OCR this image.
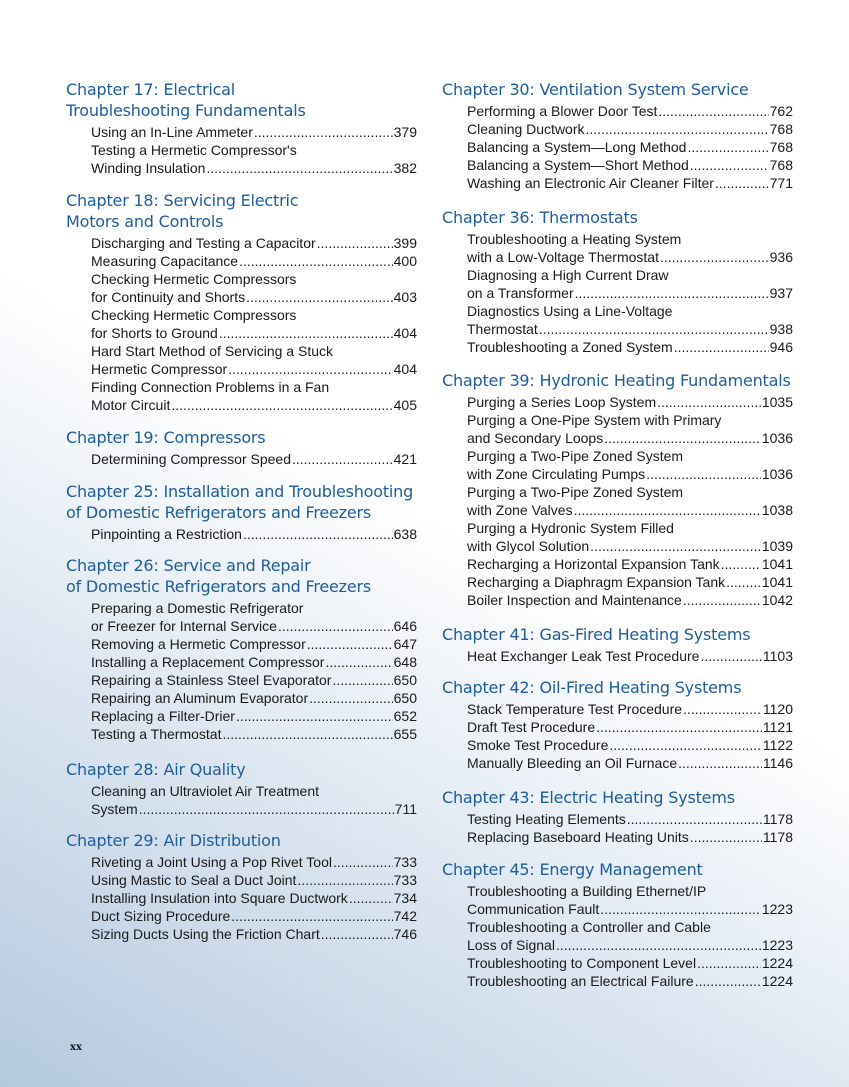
Chapter 17: Electrical
Troubleshooting Fundamentals
Using an In-Line Ammeter .....	379
Testing a Hermetic Compressor's
Winding Insulation .....	382
Chapter 18: Servicing Electric
Motors and Controls
Discharging and Testing a Capacitor .....	399
Measuring Capacitance .....	400
Checking Hermetic Compressors
for Continuity and Shorts .....	403
Checking Hermetic Compressors
for Shorts to Ground .....	404
Hard Start Method of Servicing a Stuck
Hermetic Compressor .....	404
Finding Connection Problems in a Fan
Motor Circuit .....	405
Chapter 19: Compressors
Determining Compressor Speed .....	421
Chapter 25: Installation and Troubleshooting
of Domestic Refrigerators and Freezers
Pinpointing a Restriction .....	638
Chapter 26: Service and Repair
of Domestic Refrigerators and Freezers
Preparing a Domestic Refrigerator
or Freezer for Internal Service .....	646
Removing a Hermetic Compressor .....	647
Installing a Replacement Compressor .....	648
Repairing a Stainless Steel Evaporator .....	650
Repairing an Aluminum Evaporator .....	650
Replacing a Filter-Drier .....	652
Testing a Thermostat .....	655
Chapter 28: Air Quality
Cleaning an Ultraviolet Air Treatment
System .....	711
Chapter 29: Air Distribution
Riveting a Joint Using a Pop Rivet Tool .....	733
Using Mastic to Seal a Duct Joint .....	733
Installing Insulation into Square Ductwork .....	734
Duct Sizing Procedure .....	742
Sizing Ducts Using the Friction Chart .....	746
Chapter 30: Ventilation System Service
Performing a Blower Door Test .....	762
Cleaning Ductwork .....	768
Balancing a System—Long Method .....	768
Balancing a System—Short Method .....	768
Washing an Electronic Air Cleaner Filter .....	771
Chapter 36: Thermostats
Troubleshooting a Heating System
with a Low-Voltage Thermostat .....	936
Diagnosing a High Current Draw
on a Transformer .....	937
Diagnostics Using a Line-Voltage
Thermostat .....	938
Troubleshooting a Zoned System .....	946
Chapter 39: Hydronic Heating Fundamentals
Purging a Series Loop System .....	1035
Purging a One-Pipe System with Primary
and Secondary Loops .....	1036
Purging a Two-Pipe Zoned System
with Zone Circulating Pumps .....	1036
Purging a Two-Pipe Zoned System
with Zone Valves .....	1038
Purging a Hydronic System Filled
with Glycol Solution .....	1039
Recharging a Horizontal Expansion Tank .....	1041
Recharging a Diaphragm Expansion Tank .....	1041
Boiler Inspection and Maintenance .....	1042
Chapter 41: Gas-Fired Heating Systems
Heat Exchanger Leak Test Procedure .....	1103
Chapter 42: Oil-Fired Heating Systems
Stack Temperature Test Procedure .....	1120
Draft Test Procedure .....	1121
Smoke Test Procedure .....	1122
Manually Bleeding an Oil Furnace .....	1146
Chapter 43: Electric Heating Systems
Testing Heating Elements .....	1178
Replacing Baseboard Heating Units .....	1178
Chapter 45: Energy Management
Troubleshooting a Building Ethernet/IP
Communication Fault .....	1223
Troubleshooting a Controller and Cable
Loss of Signal .....	1223
Troubleshooting to Component Level .....	1224
Troubleshooting an Electrical Failure .....	1224
xx
